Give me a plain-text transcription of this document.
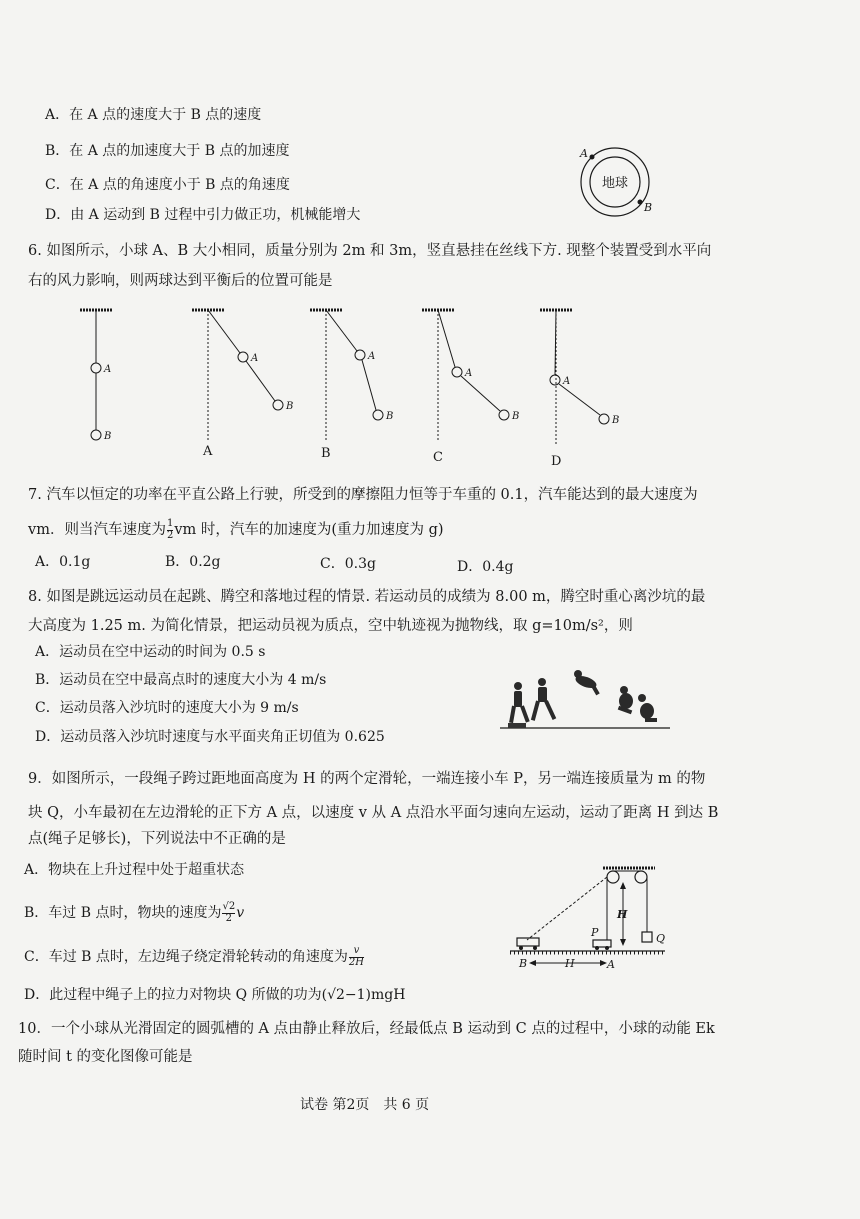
A．在 A 点的速度大于 B 点的速度
B．在 A 点的加速度大于 B 点的加速度
C．在 A 点的角速度小于 B 点的角速度
D．由 A 运动到 B 过程中引力做正功，机械能增大
地球
A
B
6. 如图所示，小球 A、B 大小相同，质量分别为 2m 和 3m，竖直悬挂在丝线下方. 现整个装置受到水平向
右的风力影响，则两球达到平衡后的位置可能是
A
B
A
B
A
B
A
B
A
B
A	B	C	D
7. 汽车以恒定的功率在平直公路上行驶，所受到的摩擦阻力恒等于车重的 0.1，汽车能达到的最大速度为
vm．则当汽车速度为 $\frac{1}{2}$ vm 时，汽车的加速度为(重力加速度为 g)
A．0.1g	B．0.2g	C．0.3g	D．0.4g
8. 如图是跳远运动员在起跳、腾空和落地过程的情景. 若运动员的成绩为 8.00 m，腾空时重心离沙坑的最
大高度为 1.25 m. 为简化情景，把运动员视为质点，空中轨迹视为抛物线，取 g=10m/s²，则
A．运动员在空中运动的时间为 0.5 s
B．运动员在空中最高点时的速度大小为 4 m/s
C．运动员落入沙坑时的速度大小为 9 m/s
D．运动员落入沙坑时速度与水平面夹角正切值为 0.625
9．如图所示，一段绳子跨过距地面高度为 H 的两个定滑轮，一端连接小车 P，另一端连接质量为 m 的物
块 Q，小车最初在左边滑轮的正下方 A 点，以速度 v 从 A 点沿水平面匀速向左运动，运动了距离 H 到达 B
点(绳子足够长)，下列说法中不正确的是
A．物块在上升过程中处于超重状态
B．车过 B 点时，物块的速度为 $\frac{√2}{2}$ v
C．车过 B 点时，左边绳子绕定滑轮转动的角速度为 $\frac{v}{2H}$
D．此过程中绳子上的拉力对物块 Q 所做的功为(√2−1)mgH
Q
H
P
B	H	A
10．一个小球从光滑固定的圆弧槽的 A 点由静止释放后，经最低点 B 运动到 C 点的过程中，小球的动能 Ek
随时间 t 的变化图像可能是
试卷 第2页　共 6 页
